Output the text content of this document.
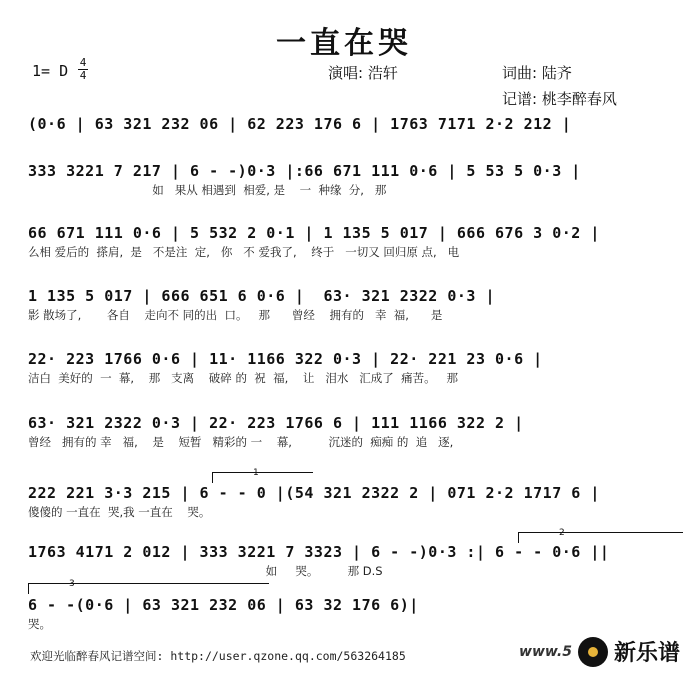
一直在哭
1= D 4
4	演唱: 浩轩	词曲: 陆齐
记谱: 桃李醉春风
(0·6 | 63 321 232 06 | 62 223 176 6 | 1763 7171 2·2 212 |
333 3221 7 217 | 6 - -)0·3 |:66 671 111 0·6 | 5 53 5 0·3 |
如   果从 相遇到  相爱, 是    一  种缘  分,   那
66 671 111 0·6 | 5 532 2 0·1 | 1 135 5 017 | 666 676 3 0·2 |
么相 爱后的  搽肩,  是   不是注  定,   你   不 爱我了,    终于   一切又 回归原 点,   电
1 135 5 017 | 666 651 6 0·6 |  63· 321 2322 0·3 |
影 散场了,       各自    走向不 同的出  口。   那      曾经    拥有的   幸  福,      是
22· 223 1766 0·6 | 11· 1166 322 0·3 | 22· 221 23 0·6 |
洁白  美好的  一  幕,    那   支离    破碎 的  祝  福,    让   泪水   汇成了  痛苦。   那
63· 321 2322 0·3 | 22· 223 1766 6 | 111 1166 322 2 |
曾经   拥有的 幸   福,    是    短暂   精彩的 一    幕,          沉迷的  痴痴 的  追   逐,
1
222 221 3·3 215 | 6 - - 0 |(54 321 2322 2 | 071 2·2 1717 6 |
傻傻的 一直在  哭,我 一直在    哭。
2
1763 4171 2 012 | 333 3221 7 3323 | 6 - -)0·3 :| 6 - - 0·6 ||
如     哭。        那 D.S
3
6 - -(0·6 | 63 321 232 06 | 63 32 176 6)|
哭。
欢迎光临醉春风记谱空间: http://user.qzone.qq.com/563264185	www.5 新乐谱
